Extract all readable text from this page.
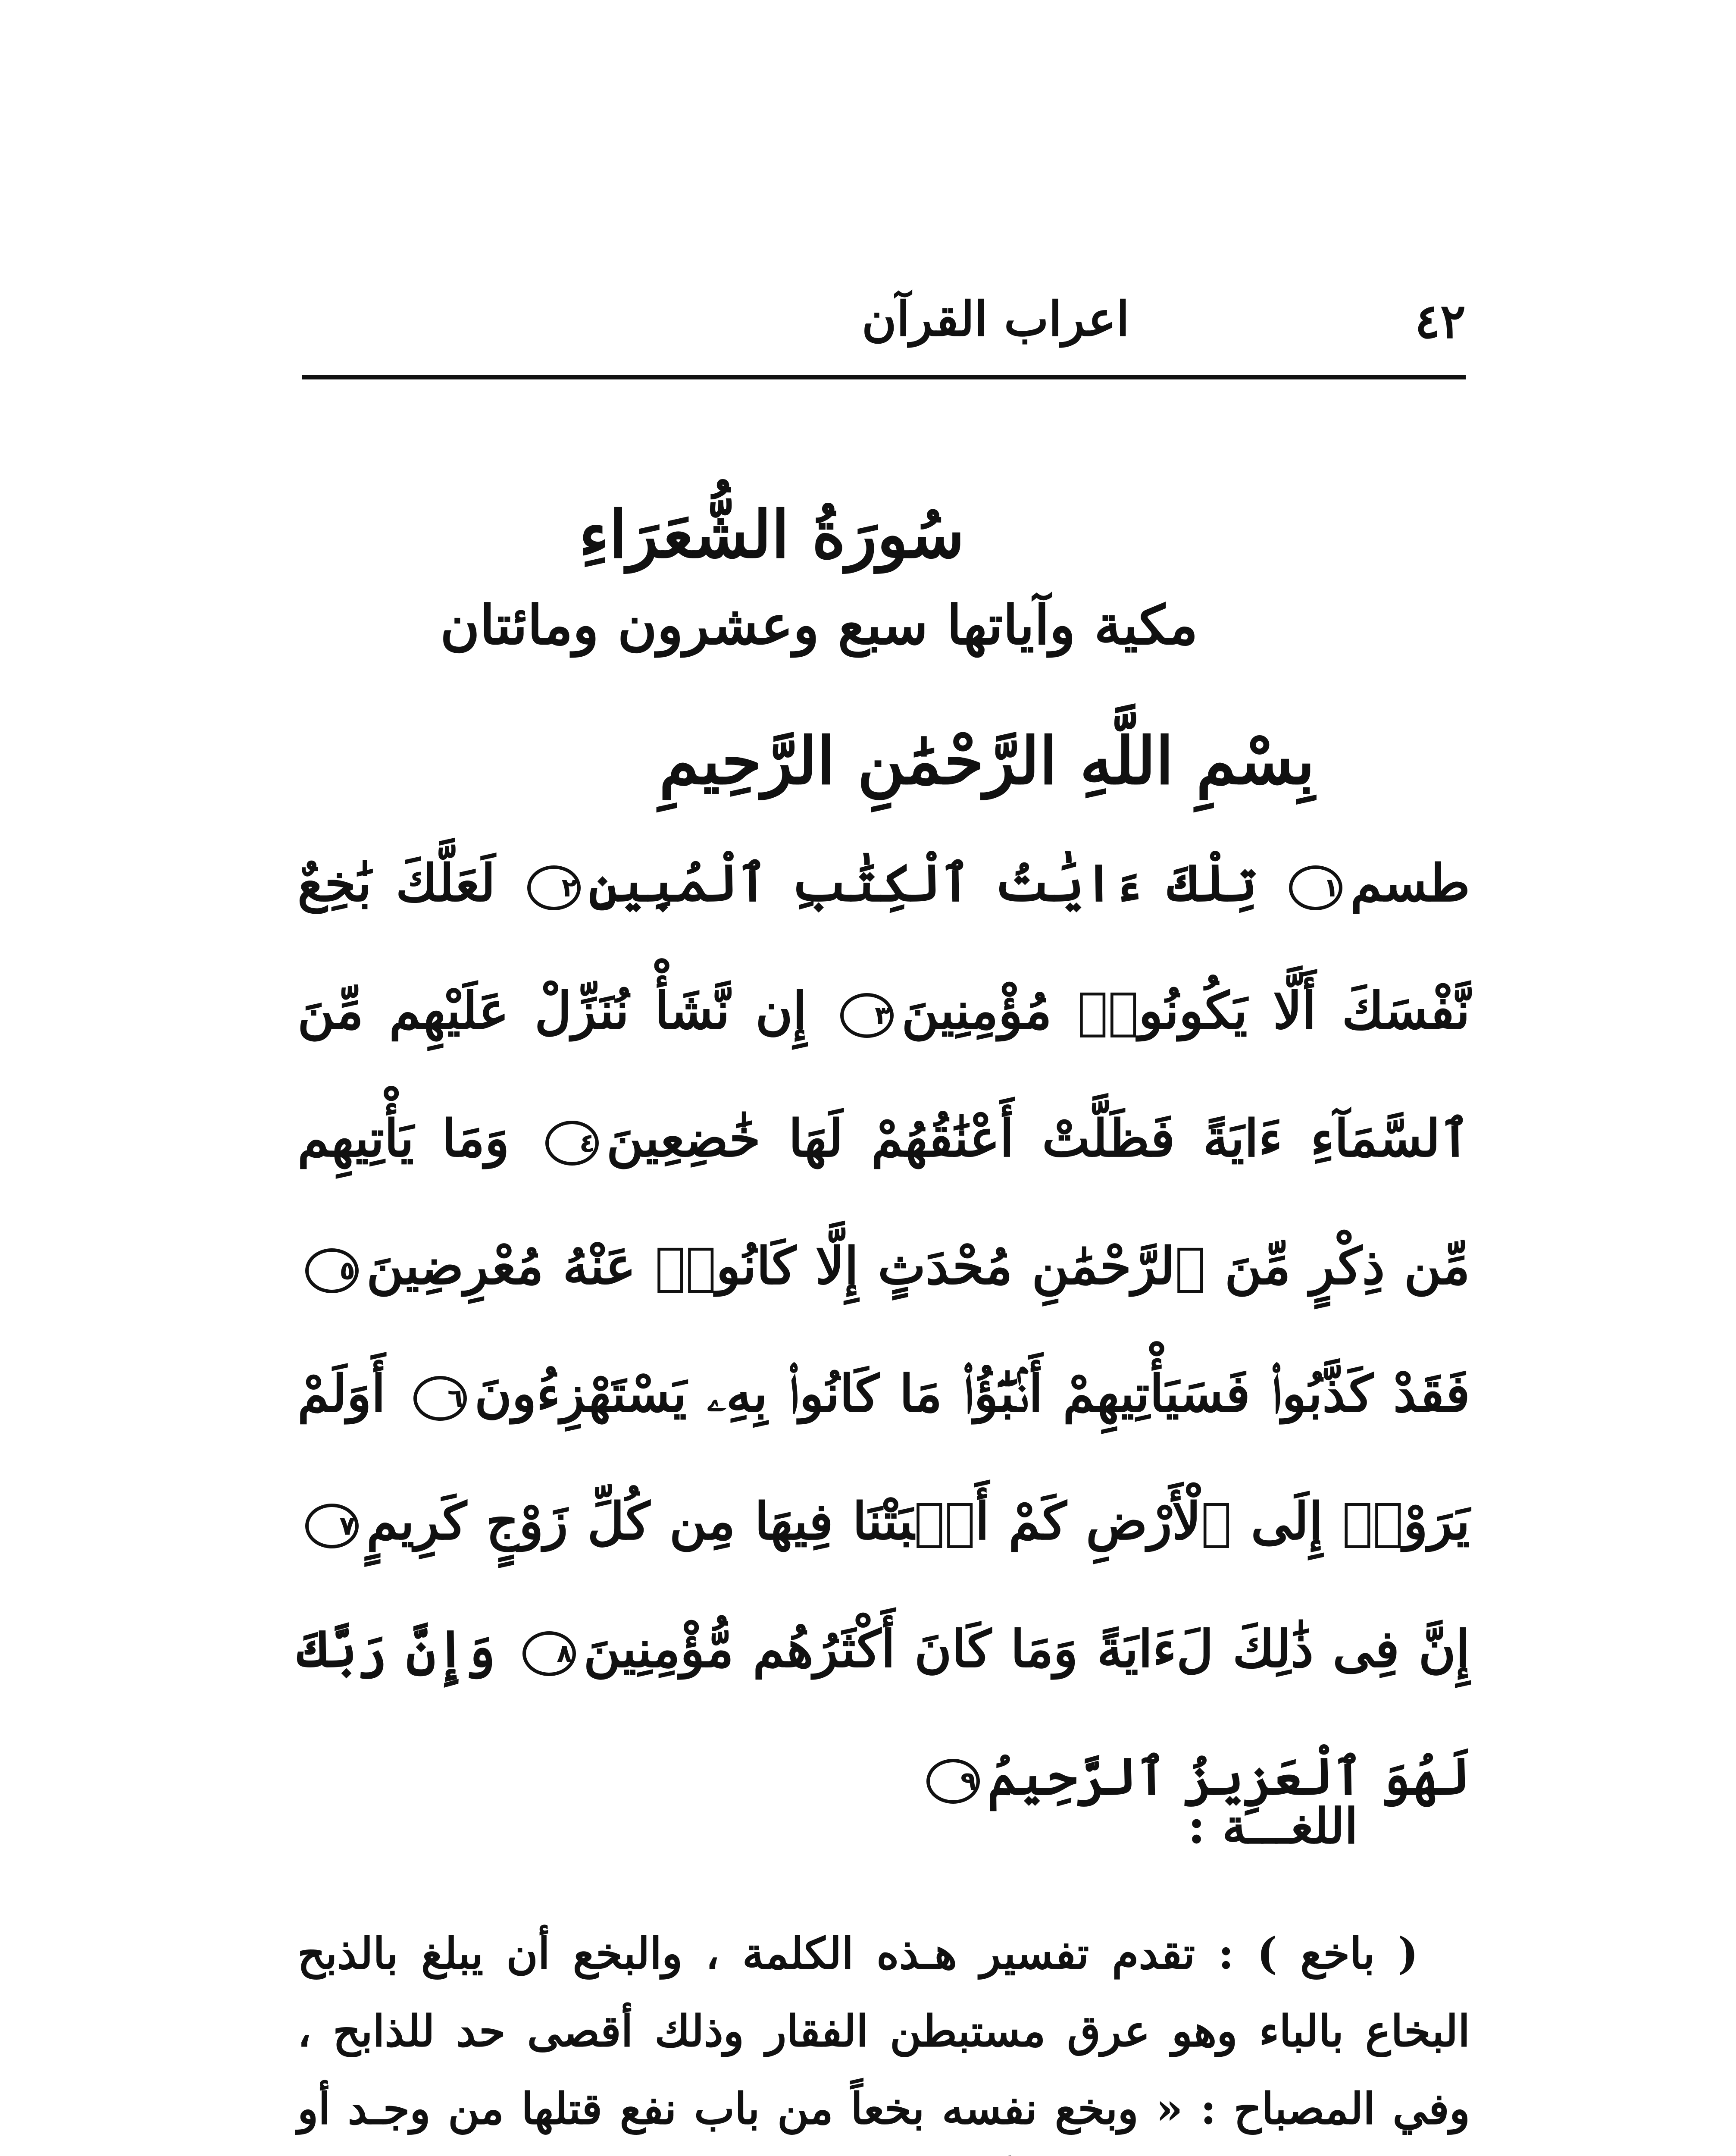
٤٢
اعراب القرآن
سُورَةُ الشُّعَرَاءِ
مكية وآياتها سبع وعشرون ومائتان
بِسْمِ اللَّهِ الرَّحْمَٰنِ الرَّحِيمِ
طسم١ تِلْكَ ءَايَٰتُ ٱلْكِتَٰبِ ٱلْمُبِينِ٢ لَعَلَّكَ بَٰخِعٌ نَّفْسَكَ أَلَّا يَكُونُوا۟ مُؤْمِنِينَ٣ إِن نَّشَأْ نُنَزِّلْ عَلَيْهِم مِّنَ ٱلسَّمَآءِ ءَايَةً فَظَلَّتْ أَعْنَٰقُهُمْ لَهَا خَٰضِعِينَ٤ وَمَا يَأْتِيهِم مِّن ذِكْرٍ مِّنَ ٱلرَّحْمَٰنِ مُحْدَثٍ إِلَّا كَانُوا۟ عَنْهُ مُعْرِضِينَ٥ فَقَدْ كَذَّبُوا۟ فَسَيَأْتِيهِمْ أَنۢبَٰٓؤُا۟ مَا كَانُوا۟ بِهِۦ يَسْتَهْزِءُونَ٦ أَوَلَمْ يَرَوْا۟ إِلَى ٱلْأَرْضِ كَمْ أَنۢبَتْنَا فِيهَا مِن كُلِّ زَوْجٍ كَرِيمٍ٧ إِنَّ فِى ذَٰلِكَ لَءَايَةً وَمَا كَانَ أَكْثَرُهُم مُّؤْمِنِينَ٨ وَإِنَّ رَبَّكَ لَهُوَ ٱلْعَزِيزُ ٱلرَّحِيمُ٩
اللغـــة :

( باخع ) : تقدم تفسير هـذه الكلمة ، والبخع أن يبلغ بالذبح البخاع بالباء وهو عرق مستبطن الفقار وذلك أقصى حد للذابح ، وفي المصباح : « وبخع نفسه بخعاً من باب نفع قتلها من وجـد أو
